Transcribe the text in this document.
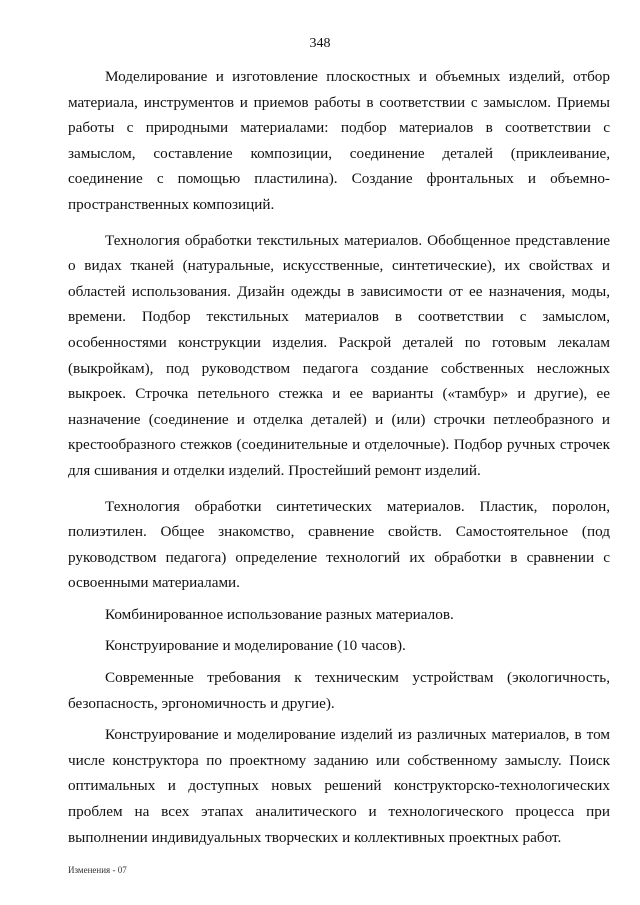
348

Моделирование и изготовление плоскостных и объемных изделий, отбор материала, инструментов и приемов работы в соответствии с замыслом. Приемы работы с природными материалами: подбор материалов в соответствии с замыслом, составление композиции, соединение деталей (приклеивание, соединение с помощью пластилина). Создание фронтальных и объемно-пространственных композиций.

Технология обработки текстильных материалов. Обобщенное представление о видах тканей (натуральные, искусственные, синтетические), их свойствах и областей использования. Дизайн одежды в зависимости от ее назначения, моды, времени. Подбор текстильных материалов в соответствии с замыслом, особенностями конструкции изделия. Раскрой деталей по готовым лекалам (выкройкам), под руководством педагога создание собственных несложных выкроек. Строчка петельного стежка и ее варианты («тамбур» и другие), ее назначение (соединение и отделка деталей) и (или) строчки петлеобразного и крестообразного стежков (соединительные и отделочные). Подбор ручных строчек для сшивания и отделки изделий. Простейший ремонт изделий.

Технология обработки синтетических материалов. Пластик, поролон, полиэтилен. Общее знакомство, сравнение свойств. Самостоятельное (под руководством педагога) определение технологий их обработки в сравнении с освоенными материалами.

Комбинированное использование разных материалов.

Конструирование и моделирование (10 часов).

Современные требования к техническим устройствам (экологичность, безопасность, эргономичность и другие).

Конструирование и моделирование изделий из различных материалов, в том числе конструктора по проектному заданию или собственному замыслу. Поиск оптимальных и доступных новых решений конструкторско-технологических проблем на всех этапах аналитического и технологического процесса при выполнении индивидуальных творческих и коллективных проектных работ.

Изменения - 07
